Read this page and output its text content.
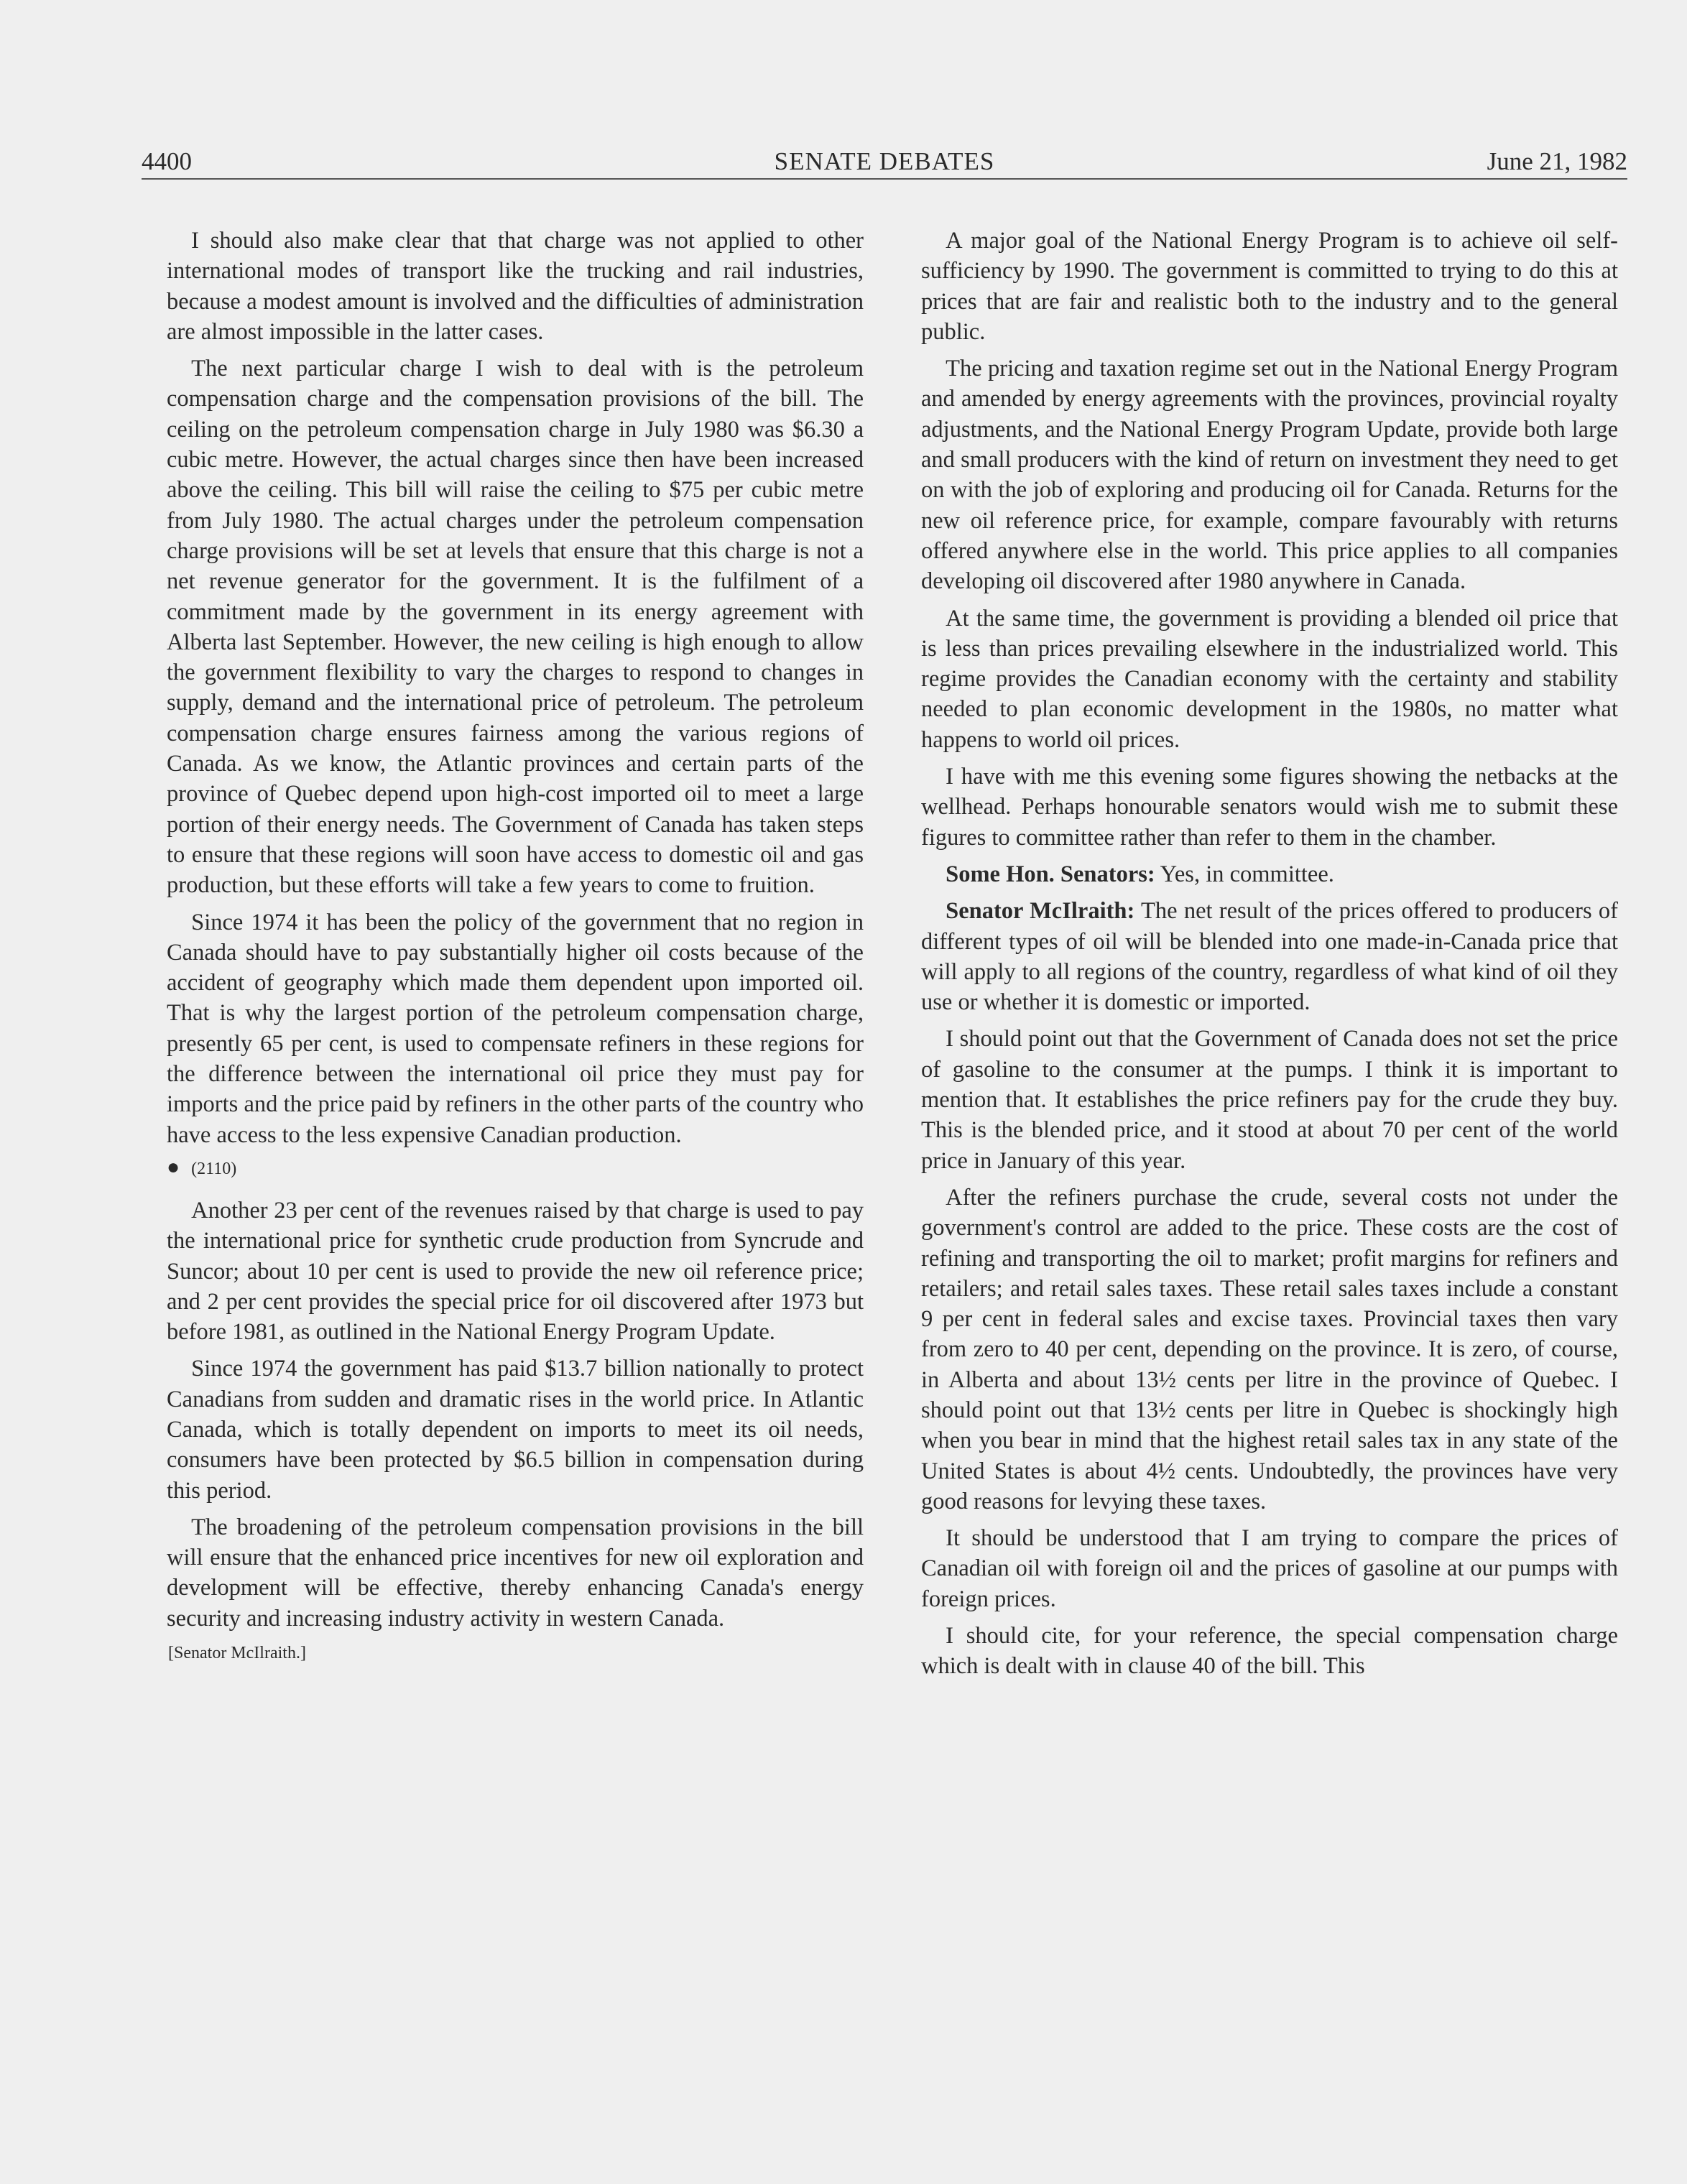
4400	SENATE DEBATES	June 21, 1982

I should also make clear that that charge was not applied to other international modes of transport like the trucking and rail industries, because a modest amount is involved and the difficulties of administration are almost impossible in the latter cases.

The next particular charge I wish to deal with is the petroleum compensation charge and the compensation provisions of the bill. The ceiling on the petroleum compensation charge in July 1980 was $6.30 a cubic metre. However, the actual charges since then have been increased above the ceiling. This bill will raise the ceiling to $75 per cubic metre from July 1980. The actual charges under the petroleum compensation charge provisions will be set at levels that ensure that this charge is not a net revenue generator for the government. It is the fulfilment of a commitment made by the government in its energy agreement with Alberta last September. However, the new ceiling is high enough to allow the government flexibility to vary the charges to respond to changes in supply, demand and the international price of petroleum. The petroleum compensation charge ensures fairness among the various regions of Canada. As we know, the Atlantic provinces and certain parts of the province of Quebec depend upon high-cost imported oil to meet a large portion of their energy needs. The Government of Canada has taken steps to ensure that these regions will soon have access to domestic oil and gas production, but these efforts will take a few years to come to fruition.

Since 1974 it has been the policy of the government that no region in Canada should have to pay substantially higher oil costs because of the accident of geography which made them dependent upon imported oil. That is why the largest portion of the petroleum compensation charge, presently 65 per cent, is used to compensate refiners in these regions for the difference between the international oil price they must pay for imports and the price paid by refiners in the other parts of the country who have access to the less expensive Canadian production.

● (2110)

Another 23 per cent of the revenues raised by that charge is used to pay the international price for synthetic crude production from Syncrude and Suncor; about 10 per cent is used to provide the new oil reference price; and 2 per cent provides the special price for oil discovered after 1973 but before 1981, as outlined in the National Energy Program Update.

Since 1974 the government has paid $13.7 billion nationally to protect Canadians from sudden and dramatic rises in the world price. In Atlantic Canada, which is totally dependent on imports to meet its oil needs, consumers have been protected by $6.5 billion in compensation during this period.

The broadening of the petroleum compensation provisions in the bill will ensure that the enhanced price incentives for new oil exploration and development will be effective, thereby enhancing Canada's energy security and increasing industry activity in western Canada.

[Senator McIlraith.]

A major goal of the National Energy Program is to achieve oil self-sufficiency by 1990. The government is committed to trying to do this at prices that are fair and realistic both to the industry and to the general public.

The pricing and taxation regime set out in the National Energy Program and amended by energy agreements with the provinces, provincial royalty adjustments, and the National Energy Program Update, provide both large and small producers with the kind of return on investment they need to get on with the job of exploring and producing oil for Canada. Returns for the new oil reference price, for example, compare favourably with returns offered anywhere else in the world. This price applies to all companies developing oil discovered after 1980 anywhere in Canada.

At the same time, the government is providing a blended oil price that is less than prices prevailing elsewhere in the industrialized world. This regime provides the Canadian economy with the certainty and stability needed to plan economic development in the 1980s, no matter what happens to world oil prices.

I have with me this evening some figures showing the netbacks at the wellhead. Perhaps honourable senators would wish me to submit these figures to committee rather than refer to them in the chamber.

Some Hon. Senators: Yes, in committee.

Senator McIlraith: The net result of the prices offered to producers of different types of oil will be blended into one made-in-Canada price that will apply to all regions of the country, regardless of what kind of oil they use or whether it is domestic or imported.

I should point out that the Government of Canada does not set the price of gasoline to the consumer at the pumps. I think it is important to mention that. It establishes the price refiners pay for the crude they buy. This is the blended price, and it stood at about 70 per cent of the world price in January of this year.

After the refiners purchase the crude, several costs not under the government's control are added to the price. These costs are the cost of refining and transporting the oil to market; profit margins for refiners and retailers; and retail sales taxes. These retail sales taxes include a constant 9 per cent in federal sales and excise taxes. Provincial taxes then vary from zero to 40 per cent, depending on the province. It is zero, of course, in Alberta and about 13½ cents per litre in the province of Quebec. I should point out that 13½ cents per litre in Quebec is shockingly high when you bear in mind that the highest retail sales tax in any state of the United States is about 4½ cents. Undoubtedly, the provinces have very good reasons for levying these taxes.

It should be understood that I am trying to compare the prices of Canadian oil with foreign oil and the prices of gasoline at our pumps with foreign prices.

I should cite, for your reference, the special compensation charge which is dealt with in clause 40 of the bill. This
